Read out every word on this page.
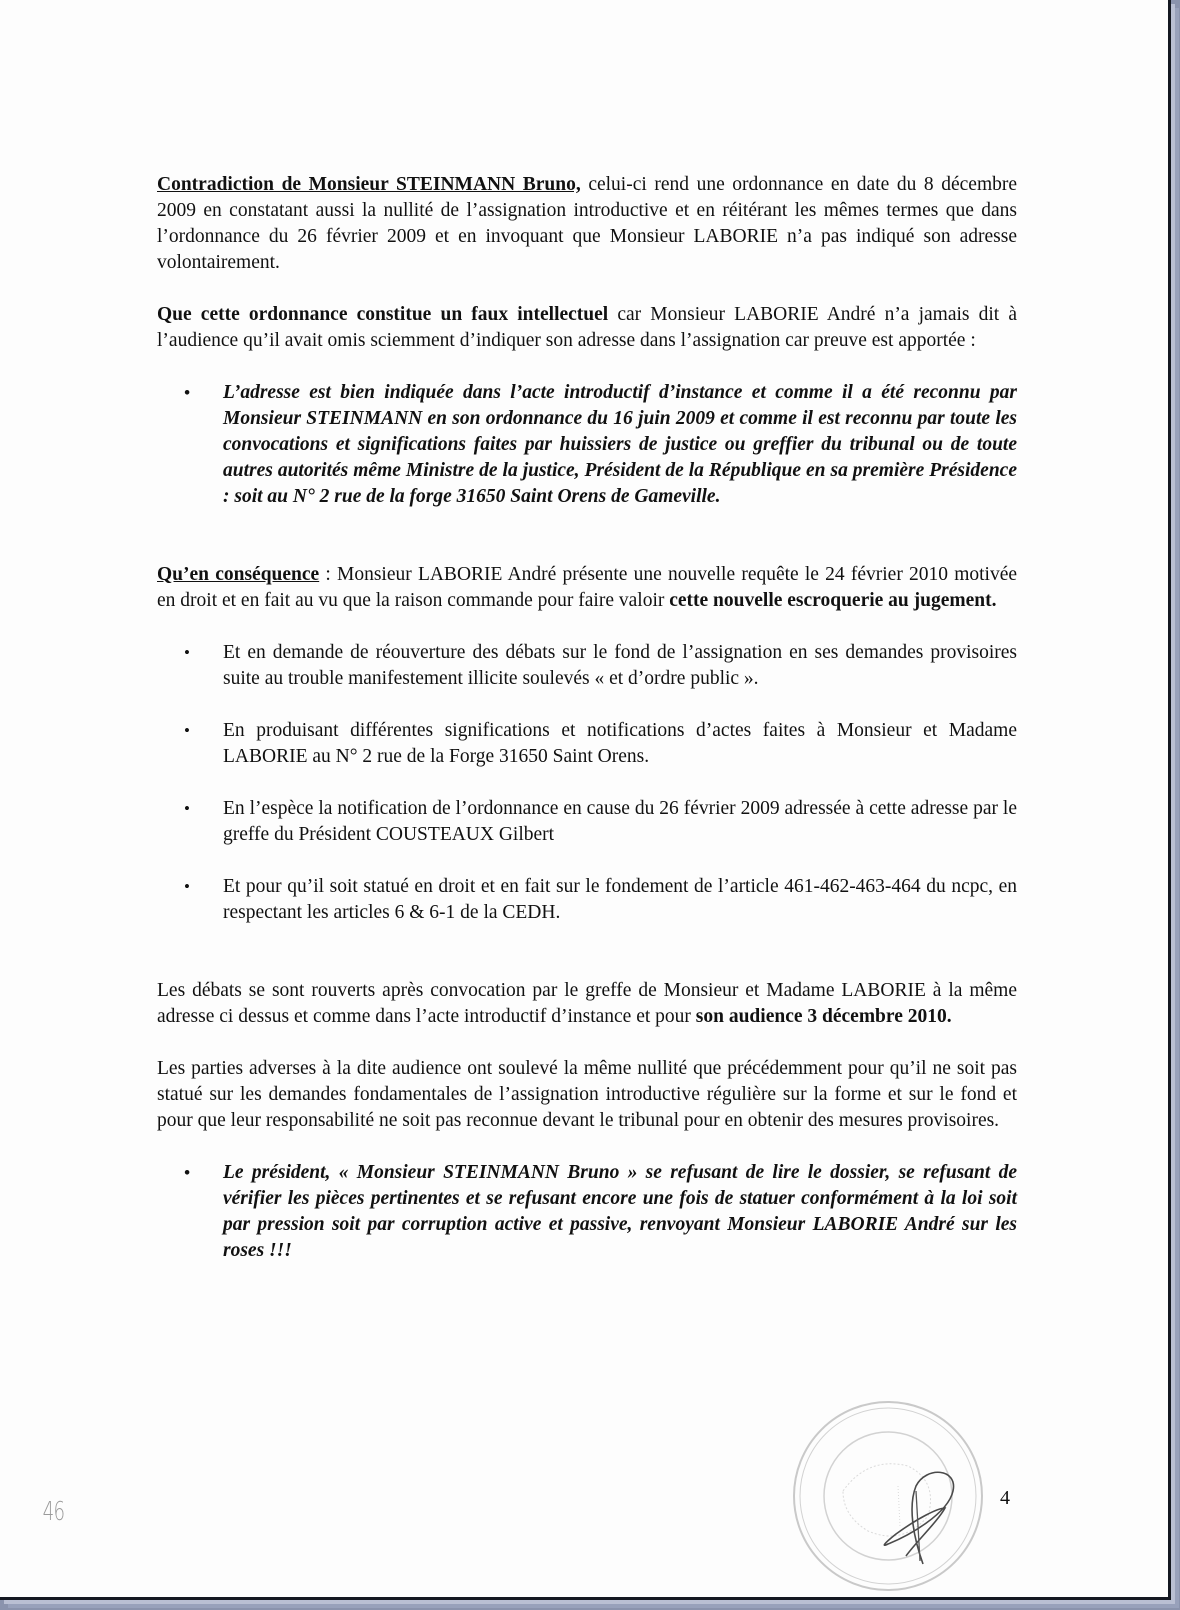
Contradiction de Monsieur STEINMANN Bruno, celui-ci rend une ordonnance en date du 8 décembre 2009 en constatant aussi la nullité de l’assignation introductive et en réitérant les mêmes termes que dans l’ordonnance du 26 février 2009 et en invoquant que Monsieur LABORIE n’a pas indiqué son adresse volontairement.

Que cette ordonnance constitue un faux intellectuel car Monsieur LABORIE André n’a jamais dit à l’audience qu’il avait omis sciemment d’indiquer son adresse dans l’assignation car preuve est apportée :

• L’adresse est bien indiquée dans l’acte introductif d’instance et comme il a été reconnu par Monsieur STEINMANN en son ordonnance du 16 juin 2009 et comme il est reconnu par toute les convocations et significations faites par huissiers de justice ou greffier du tribunal ou de toute autres autorités même Ministre de la justice, Président de la République en sa première Présidence : soit au N° 2 rue de la forge 31650 Saint Orens de Gameville.

Qu’en conséquence : Monsieur LABORIE André présente une nouvelle requête le 24 février 2010 motivée en droit et en fait au vu que la raison commande pour faire valoir cette nouvelle escroquerie au jugement.

• Et en demande de réouverture des débats sur le fond de l’assignation en ses demandes provisoires suite au trouble manifestement illicite soulevés « et d’ordre public ».
• En produisant différentes significations et notifications d’actes faites à Monsieur et Madame LABORIE au N° 2 rue de la Forge 31650 Saint Orens.
• En l’espèce la notification de l’ordonnance en cause du 26 février 2009 adressée à cette adresse par le greffe du Président COUSTEAUX Gilbert
• Et pour qu’il soit statué en droit et en fait sur le fondement de l’article 461-462-463-464 du ncpc, en respectant les articles 6 & 6-1 de la CEDH.

Les débats se sont rouverts après convocation par le greffe de Monsieur et Madame LABORIE à la même adresse ci dessus et comme dans l’acte introductif d’instance et pour son audience 3 décembre 2010.

Les parties adverses à la dite audience ont soulevé la même nullité que précédemment pour qu’il ne soit pas statué sur les demandes fondamentales de l’assignation introductive régulière sur la forme et sur le fond et pour que leur responsabilité ne soit pas reconnue devant le tribunal pour en obtenir des mesures provisoires.

• Le président, « Monsieur STEINMANN Bruno » se refusant de lire le dossier, se refusant de vérifier les pièces pertinentes et se refusant encore une fois de statuer conformément à la loi soit par pression soit par corruption active et passive, renvoyant Monsieur LABORIE André sur les roses !!!
46	4
